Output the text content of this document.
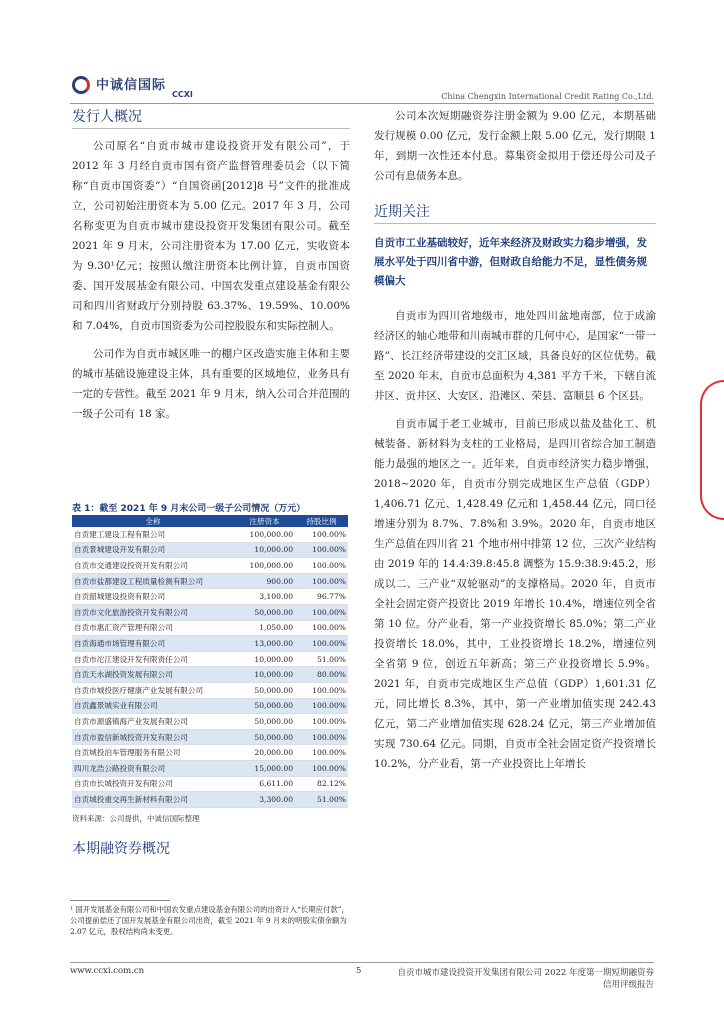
中诚信国际
CCXI	China Chengxin International Credit Rating Co.,Ltd.
发行人概况

公司原名“自贡市城市建设投资开发有限公司”，于 2012 年 3 月经自贡市国有资产监督管理委员会（以下简称“自贡市国资委”）“自国资函[2012]8 号”文件的批准成立，公司初始注册资本为 5.00 亿元。2017 年 3 月，公司名称变更为自贡市城市建设投资开发集团有限公司。截至 2021 年 9 月末，公司注册资本为 17.00 亿元，实收资本为 9.30¹亿元；按照认缴注册资本比例计算，自贡市国资委、国开发展基金有限公司、中国农发重点建设基金有限公司和四川省财政厅分别持股 63.37%、19.59%、10.00%和 7.04%，自贡市国资委为公司控股股东和实际控制人。

公司作为自贡市城区唯一的棚户区改造实施主体和主要的城市基础设施建设主体，具有重要的区域地位，业务具有一定的专营性。截至 2021 年 9 月末，纳入公司合并范围的一级子公司有 18 家。

表 1：截至 2021 年 9 月末公司一级子公司情况（万元）
全称	注册资本	持股比例
自贡建工建设工程有限公司	100,000.00	100.00%
自贡景城建设开发有限公司	10,000.00	100.00%
自贡市交通建设投资开发有限公司	100,000.00	100.00%
自贡市盐都建设工程质量检测有限公司	900.00	100.00%
自贡韶城建设投资有限公司	3,100.00	96.77%
自贡市文化旅游投资开发有限公司	50,000.00	100.00%
自贡市惠汇资产管理有限公司	1,050.00	100.00%
自贡海通市场管理有限公司	13,000.00	100.00%
自贡市沱江建设开发有限责任公司	10,000.00	51.00%
自贡天水湖投资发展有限公司	10,000.00	80.00%
自贡市城投医疗健康产业发展有限公司	50,000.00	100.00%
自贡鑫景城实业有限公司	50,000.00	100.00%
自贡市源盛镇海产业发展有限公司	50,000.00	100.00%
自贡市盈信新城投资开发有限公司	50,000.00	100.00%
自贡城投泊车管理服务有限公司	20,000.00	100.00%
四川龙浩公路投资有限公司	15,000.00	100.00%
自贡市长城投资开发有限公司	6,611.00	82.12%
自贡城投重交再生新材料有限公司	3,300.00	51.00%
资料来源：公司提供，中诚信国际整理
本期融资券概况
¹ 国开发展基金有限公司和中国农发重点建设基金有限公司的出资计入“长期应付款”，公司提前偿还了国开发展基金有限公司出资，截至 2021 年 9 月末的明股实债余额为 2.07 亿元，股权结构尚未变更。

公司本次短期融资券注册金额为 9.00 亿元，本期基础发行规模 0.00 亿元，发行金额上限 5.00 亿元，发行期限 1 年，到期一次性还本付息。募集资金拟用于偿还母公司及子公司有息债务本息。

近期关注
自贡市工业基础较好，近年来经济及财政实力稳步增强，发展水平处于四川省中游，但财政自给能力不足，显性债务规模偏大

自贡市为四川省地级市，地处四川盆地南部，位于成渝经济区的轴心地带和川南城市群的几何中心，是国家“一带一路”、长江经济带建设的交汇区域，具备良好的区位优势。截至 2020 年末，自贡市总面积为 4,381 平方千米，下辖自流井区、贡井区、大安区、沿滩区、荣县、富顺县 6 个区县。

自贡市属于老工业城市，目前已形成以盐及盐化工、机械装备、新材料为支柱的工业格局，是四川省综合加工制造能力最强的地区之一。近年来，自贡市经济实力稳步增强，2018~2020 年，自贡市分别完成地区生产总值（GDP）1,406.71 亿元、1,428.49 亿元和 1,458.44 亿元，同口径增速分别为 8.7%、7.8%和 3.9%。2020 年，自贡市地区生产总值在四川省 21 个地市州中排第 12 位，三次产业结构由 2019 年的 14.4:39.8:45.8 调整为 15.9:38.9:45.2，形成以二、三产业“双轮驱动”的支撑格局。2020 年，自贡市全社会固定资产投资比 2019 年增长 10.4%，增速位列全省第 10 位。分产业看，第一产业投资增长 85.0%；第二产业投资增长 18.0%，其中，工业投资增长 18.2%，增速位列全省第 9 位，创近五年新高；第三产业投资增长 5.9%。2021 年，自贡市完成地区生产总值（GDP）1,601.31 亿元，同比增长 8.3%，其中，第一产业增加值实现 242.43 亿元，第二产业增加值实现 628.24 亿元，第三产业增加值实现 730.64 亿元。同期，自贡市全社会固定资产投资增长 10.2%，分产业看，第一产业投资比上年增长

www.ccxi.com.cn	5	自贡市城市建设投资开发集团有限公司 2022 年度第一期短期融资券
信用评级报告
